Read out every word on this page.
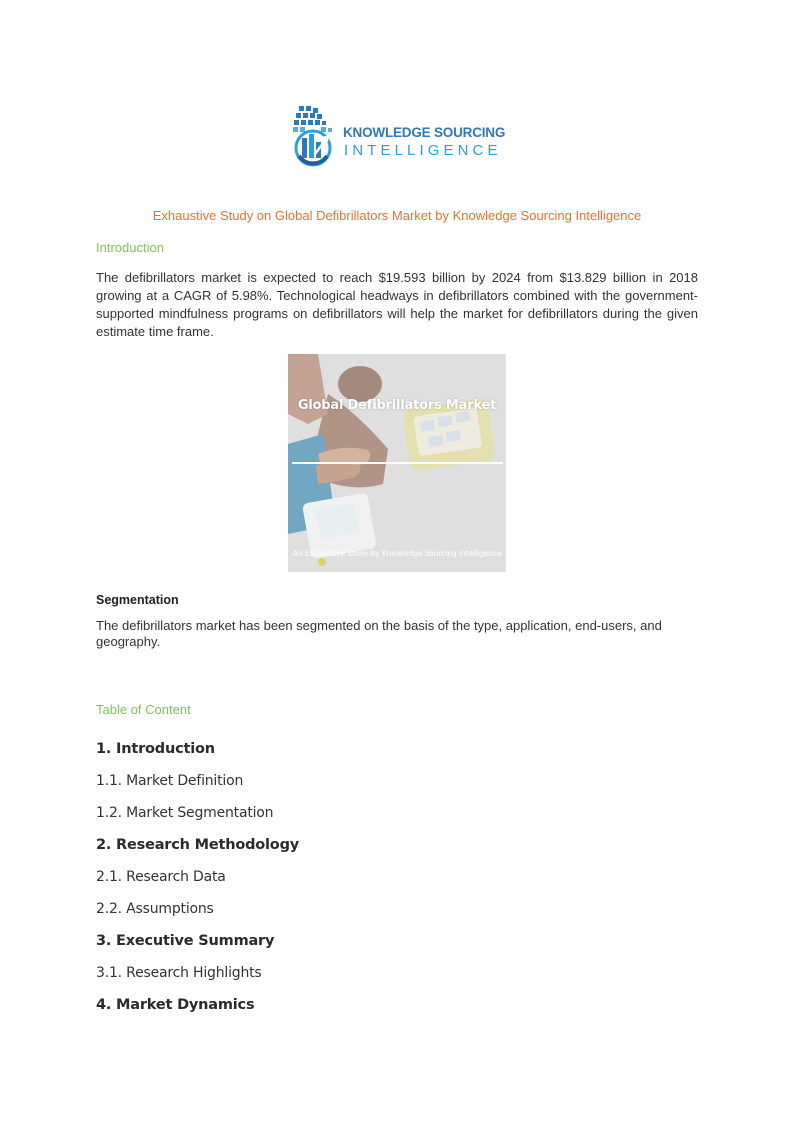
KNOWLEDGE SOURCING
INTELLIGENCE
Exhaustive Study on Global Defibrillators Market by Knowledge Sourcing Intelligence
Introduction
The defibrillators market is expected to reach $19.593 billion by 2024 from $13.829 billion in 2018 growing at a CAGR of 5.98%. Technological headways in defibrillators combined with the government-supported mindfulness programs on defibrillators will help the market for defibrillators during the given estimate time frame.
Global Defibrillators Market
An Exhaustive Study by Knowledge Sourcing Intelligence
Segmentation
The defibrillators market has been segmented on the basis of the type, application, end-users, and geography.
Table of Content
1. Introduction
1.1. Market Definition
1.2. Market Segmentation
2. Research Methodology
2.1. Research Data
2.2. Assumptions
3. Executive Summary
3.1. Research Highlights
4. Market Dynamics
